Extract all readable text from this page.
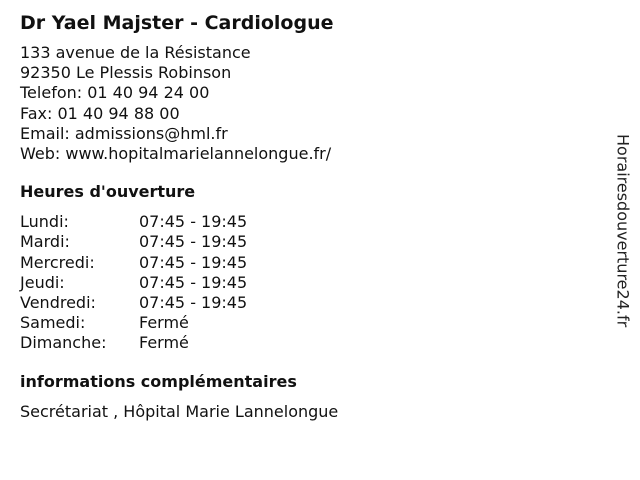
Dr Yael Majster - Cardiologue
133 avenue de la Résistance
92350 Le Plessis Robinson
Telefon: 01 40 94 24 00
Fax: 01 40 94 88 00
Email: admissions@hml.fr
Web: www.hopitalmarielannelongue.fr/
Heures d'ouverture
Lundi:	07:45 - 19:45
Mardi:	07:45 - 19:45
Mercredi:	07:45 - 19:45
Jeudi:	07:45 - 19:45
Vendredi:	07:45 - 19:45
Samedi:	Fermé
Dimanche:	Fermé
informations complémentaires
Secrétariat , Hôpital Marie Lannelongue
Horairesdouverture24.fr
